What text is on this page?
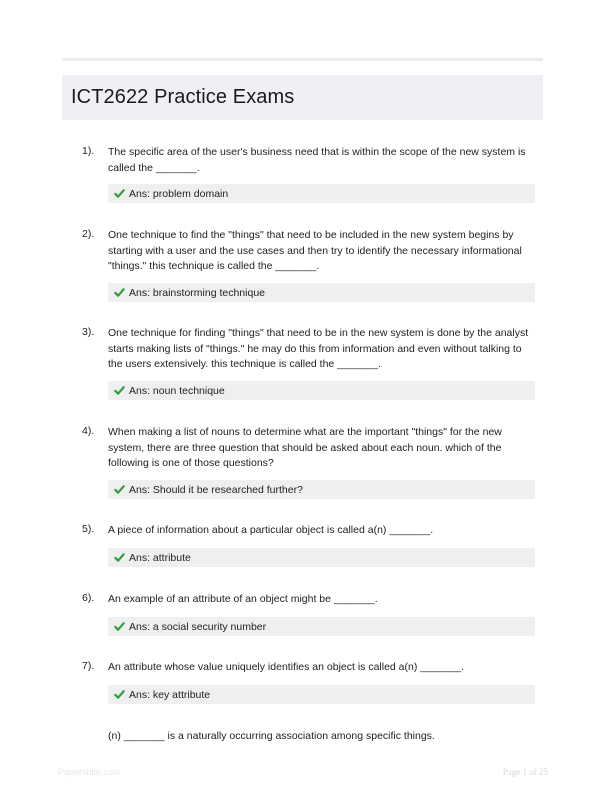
ICT2622 Practice Exams
1). The specific area of the user's business need that is within the scope of the new system is called the _______.
Ans: problem domain
2). One technique to find the "things" that need to be included in the new system begins by starting with a user and the use cases and then try to identify the necessary informational "things." this technique is called the _______.
Ans: brainstorming technique
3). One technique for finding "things" that need to be in the new system is done by the analyst starts making lists of "things." he may do this from information and even without talking to the users extensively. this technique is called the _______.
Ans: noun technique
4). When making a list of nouns to determine what are the important "things" for the new system, there are three question that should be asked about each noun. which of the following is one of those questions?
Ans: Should it be researched further?
5). A piece of information about a particular object is called a(n) _______.
Ans: attribute
6). An example of an attribute of an object might be _______.
Ans: a social security number
7). An attribute whose value uniquely identifies an object is called a(n) _______.
Ans: key attribute
(n) _______ is a naturally occurring association among specific things.
Papersbite.com	Page 1 of 25
